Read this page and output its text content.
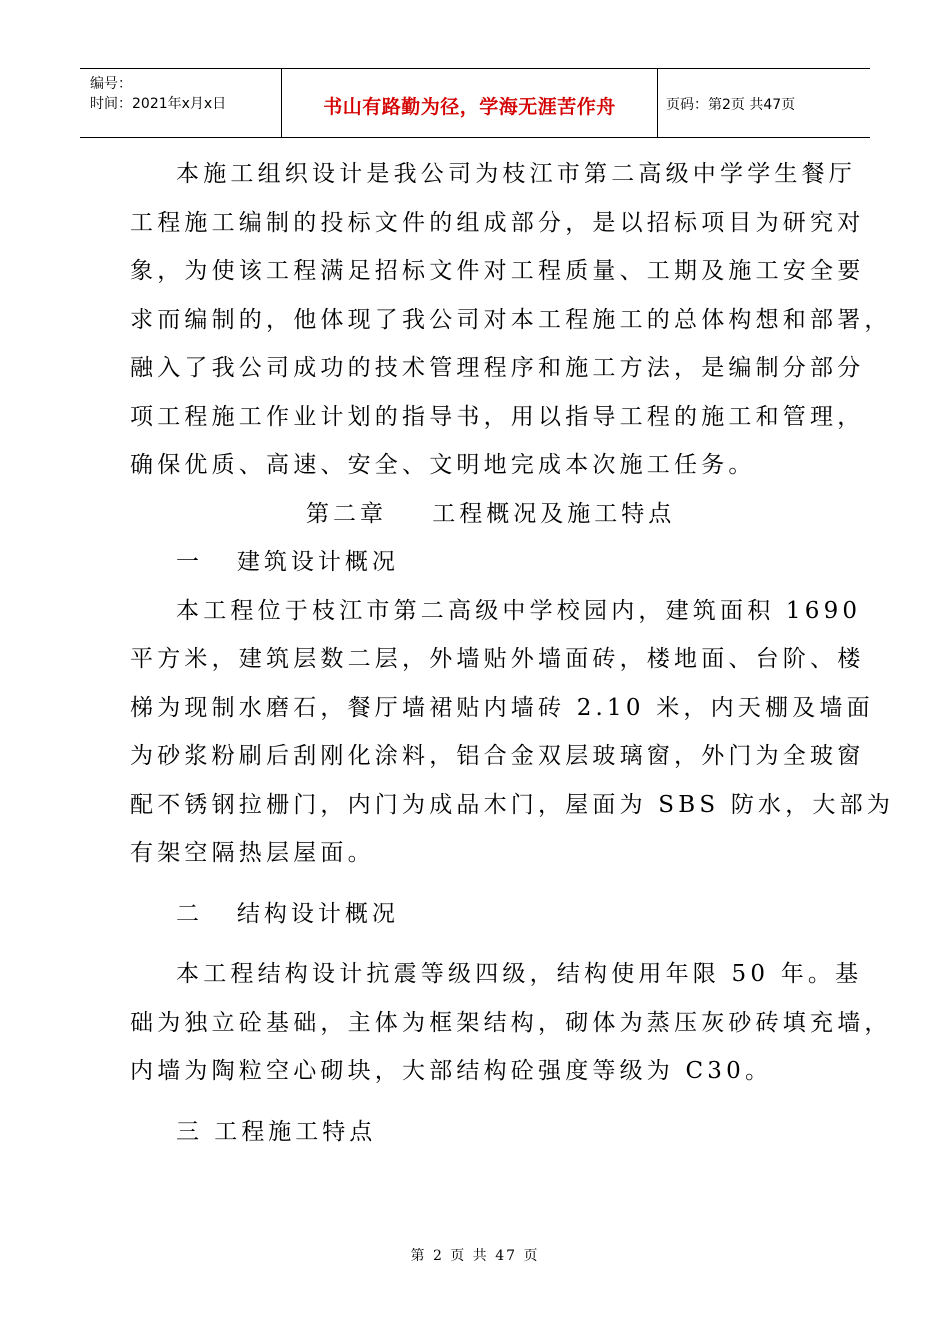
编号：
时间：2021年x月x日	书山有路勤为径，学海无涯苦作舟	页码：第2页 共47页

本施工组织设计是我公司为枝江市第二高级中学学生餐厅
工程施工编制的投标文件的组成部分，是以招标项目为研究对
象，为使该工程满足招标文件对工程质量、工期及施工安全要
求而编制的，他体现了我公司对本工程施工的总体构想和部署，
融入了我公司成功的技术管理程序和施工方法，是编制分部分
项工程施工作业计划的指导书，用以指导工程的施工和管理，
确保优质、高速、安全、文明地完成本次施工任务。

第二章    工程概况及施工特点

一   建筑设计概况

本工程位于枝江市第二高级中学校园内，建筑面积 1690
平方米，建筑层数二层，外墙贴外墙面砖，楼地面、台阶、楼
梯为现制水磨石，餐厅墙裙贴内墙砖 2.10 米，内天棚及墙面
为砂浆粉刷后刮刚化涂料，铝合金双层玻璃窗，外门为全玻窗
配不锈钢拉栅门，内门为成品木门，屋面为 SBS 防水，大部为
有架空隔热层屋面。

二   结构设计概况

本工程结构设计抗震等级四级，结构使用年限 50 年。基
础为独立砼基础，主体为框架结构，砌体为蒸压灰砂砖填充墙，
内墙为陶粒空心砌块，大部结构砼强度等级为 C30。

三 工程施工特点

第 2 页 共 47 页
